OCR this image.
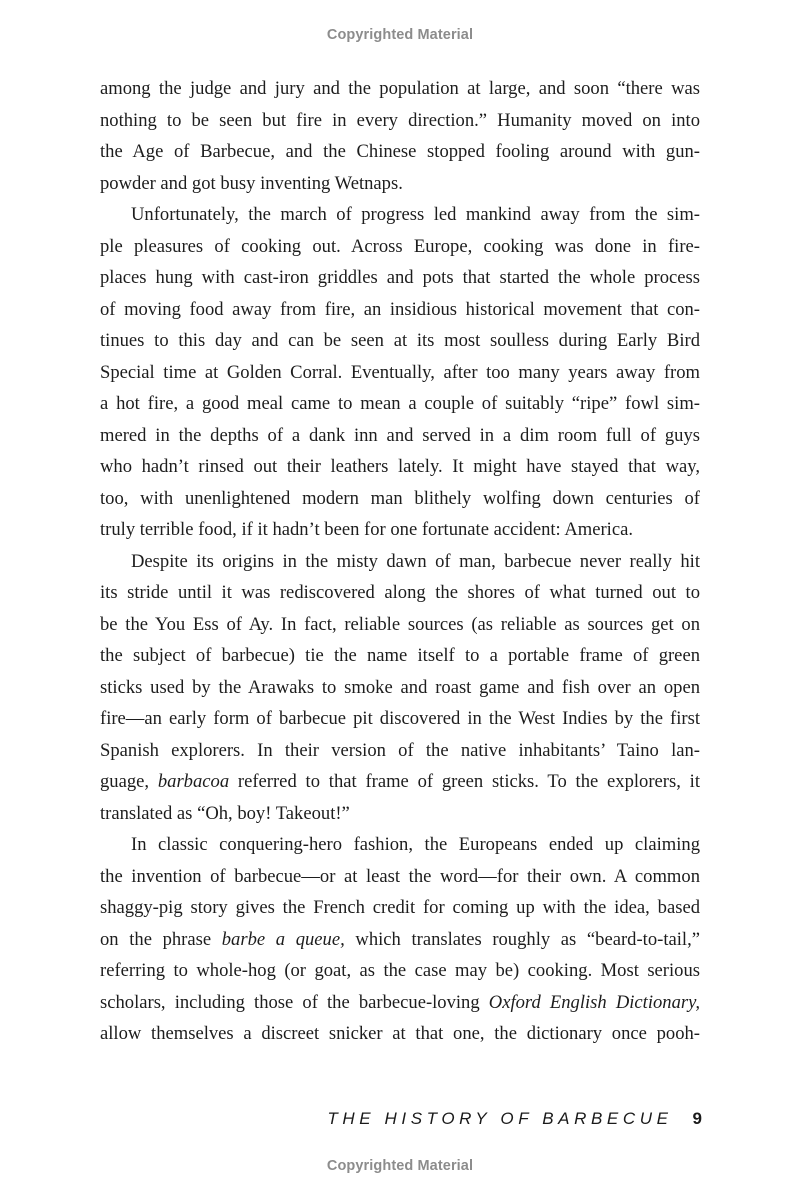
Copyrighted Material
among the judge and jury and the population at large, and soon “there was
nothing to be seen but fire in every direction.” Humanity moved on into
the Age of Barbecue, and the Chinese stopped fooling around with gun-
powder and got busy inventing Wetnaps.
Unfortunately, the march of progress led mankind away from the sim-
ple pleasures of cooking out. Across Europe, cooking was done in fire-
places hung with cast-iron griddles and pots that started the whole process
of moving food away from fire, an insidious historical movement that con-
tinues to this day and can be seen at its most soulless during Early Bird
Special time at Golden Corral. Eventually, after too many years away from
a hot fire, a good meal came to mean a couple of suitably “ripe” fowl sim-
mered in the depths of a dank inn and served in a dim room full of guys
who hadn’t rinsed out their leathers lately. It might have stayed that way,
too, with unenlightened modern man blithely wolfing down centuries of
truly terrible food, if it hadn’t been for one fortunate accident: America.
Despite its origins in the misty dawn of man, barbecue never really hit
its stride until it was rediscovered along the shores of what turned out to
be the You Ess of Ay. In fact, reliable sources (as reliable as sources get on
the subject of barbecue) tie the name itself to a portable frame of green
sticks used by the Arawaks to smoke and roast game and fish over an open
fire—an early form of barbecue pit discovered in the West Indies by the first
Spanish explorers. In their version of the native inhabitants’ Taino lan-
guage, barbacoa referred to that frame of green sticks. To the explorers, it
translated as “Oh, boy! Takeout!”
In classic conquering-hero fashion, the Europeans ended up claiming
the invention of barbecue—or at least the word—for their own. A common
shaggy-pig story gives the French credit for coming up with the idea, based
on the phrase barbe a queue, which translates roughly as “beard-to-tail,”
referring to whole-hog (or goat, as the case may be) cooking. Most serious
scholars, including those of the barbecue-loving Oxford English Dictionary,
allow themselves a discreet snicker at that one, the dictionary once pooh-
THE HISTORY OF BARBECUE 9
Copyrighted Material
